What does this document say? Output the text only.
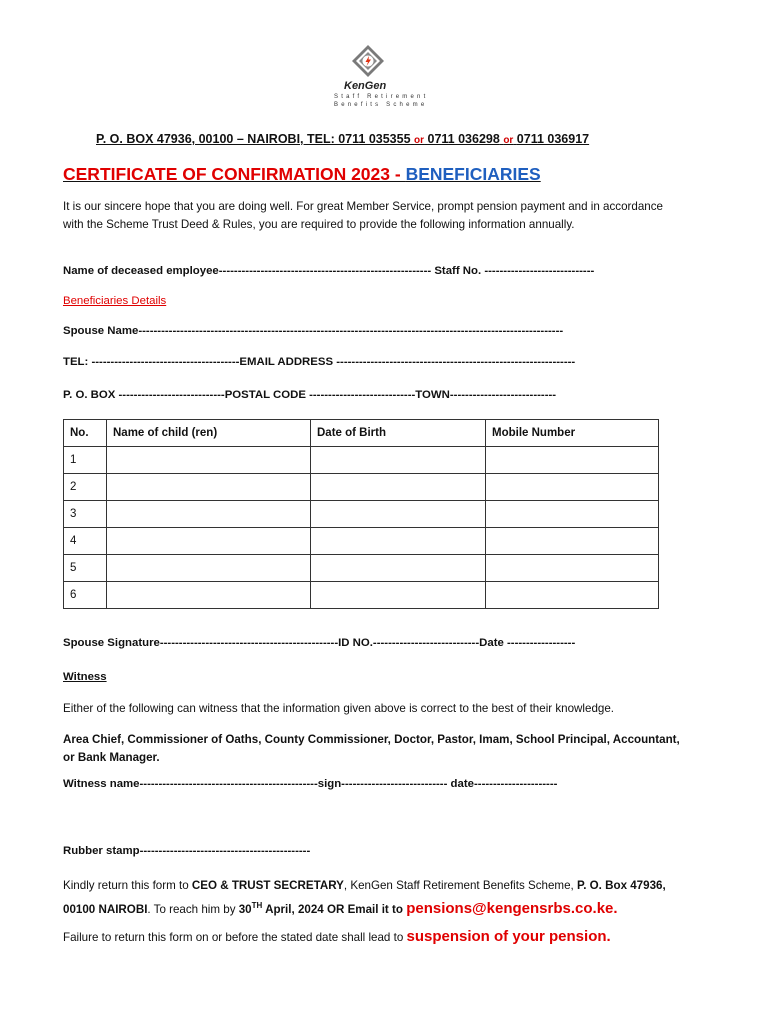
KenGen
Staff Retirement
Benefits Scheme
P. O. BOX 47936, 00100 – NAIROBI, TEL: 0711 035355 or 0711 036298 or 0711 036917
CERTIFICATE OF CONFIRMATION 2023 - BENEFICIARIES
It is our sincere hope that you are doing well. For great Member Service, prompt pension payment and in accordance with the Scheme Trust Deed & Rules, you are required to provide the following information annually.
Name of deceased employee-------------------------------------------------------- Staff No. -----------------------------
Beneficiaries Details
Spouse Name----------------------------------------------------------------------------------------------------------------
TEL: ---------------------------------------EMAIL ADDRESS ---------------------------------------------------------------
P. O. BOX ----------------------------POSTAL CODE ----------------------------TOWN----------------------------
No.	Name of child (ren)	Date of Birth	Mobile Number
1			
2			
3			
4			
5			
6			
Spouse Signature-----------------------------------------------ID NO.----------------------------Date ------------------
Witness
Either of the following can witness that the information given above is correct to the best of their knowledge.
Area Chief, Commissioner of Oaths, County Commissioner, Doctor, Pastor, Imam, School Principal, Accountant, or Bank Manager.
Witness name-----------------------------------------------sign---------------------------- date----------------------
Rubber stamp---------------------------------------------
Kindly return this form to CEO & TRUST SECRETARY, KenGen Staff Retirement Benefits Scheme, P. O. Box 47936, 00100 NAIROBI. To reach him by 30TH April, 2024 OR Email it to pensions@kengensrbs.co.ke.
Failure to return this form on or before the stated date shall lead to suspension of your pension.
